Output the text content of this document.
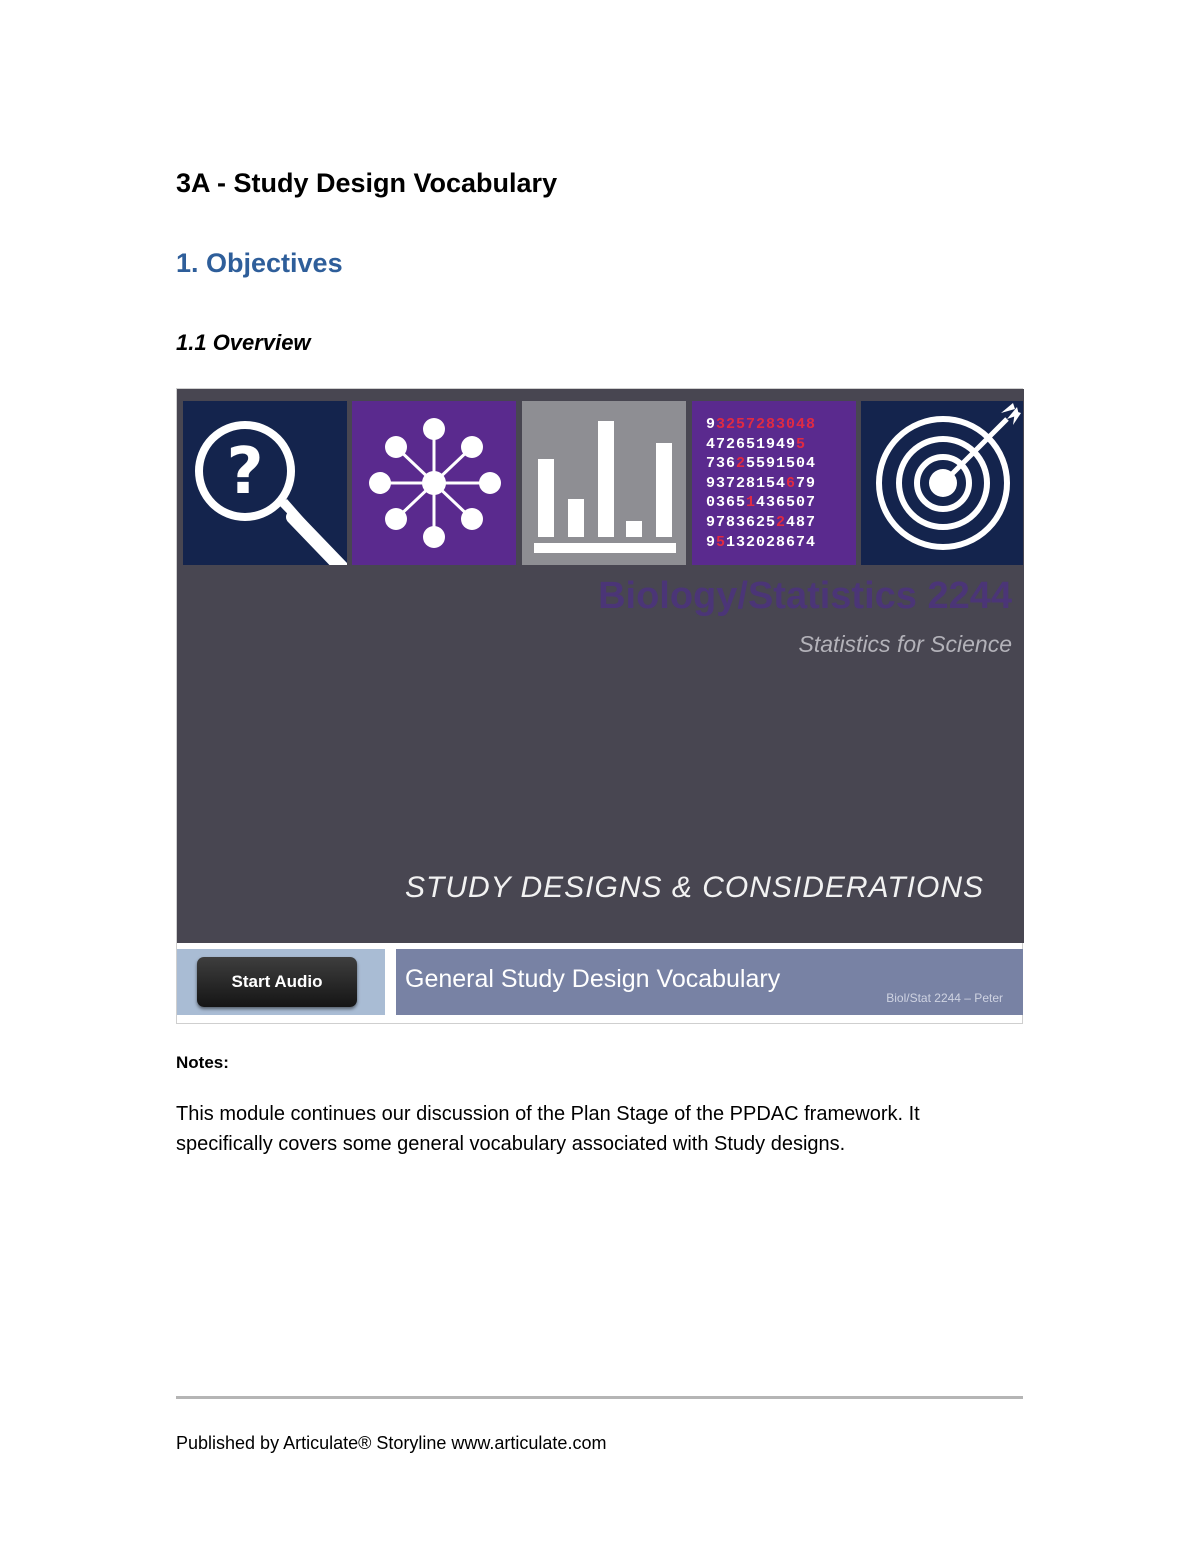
3A - Study Design Vocabulary
1. Objectives
1.1 Overview
?
93257283048
4726519495
73625591504
93728154679
03651436507
97836252487
95132028674
Biology/Statistics 2244
Statistics for Science
STUDY DESIGNS & CONSIDERATIONS
Start Audio	General Study Design Vocabulary
Biol/Stat 2244 – Peter

Notes:

This module continues our discussion of the Plan Stage of the PPDAC framework. It specifically covers some general vocabulary associated with Study designs.

Published by Articulate® Storyline www.articulate.com
